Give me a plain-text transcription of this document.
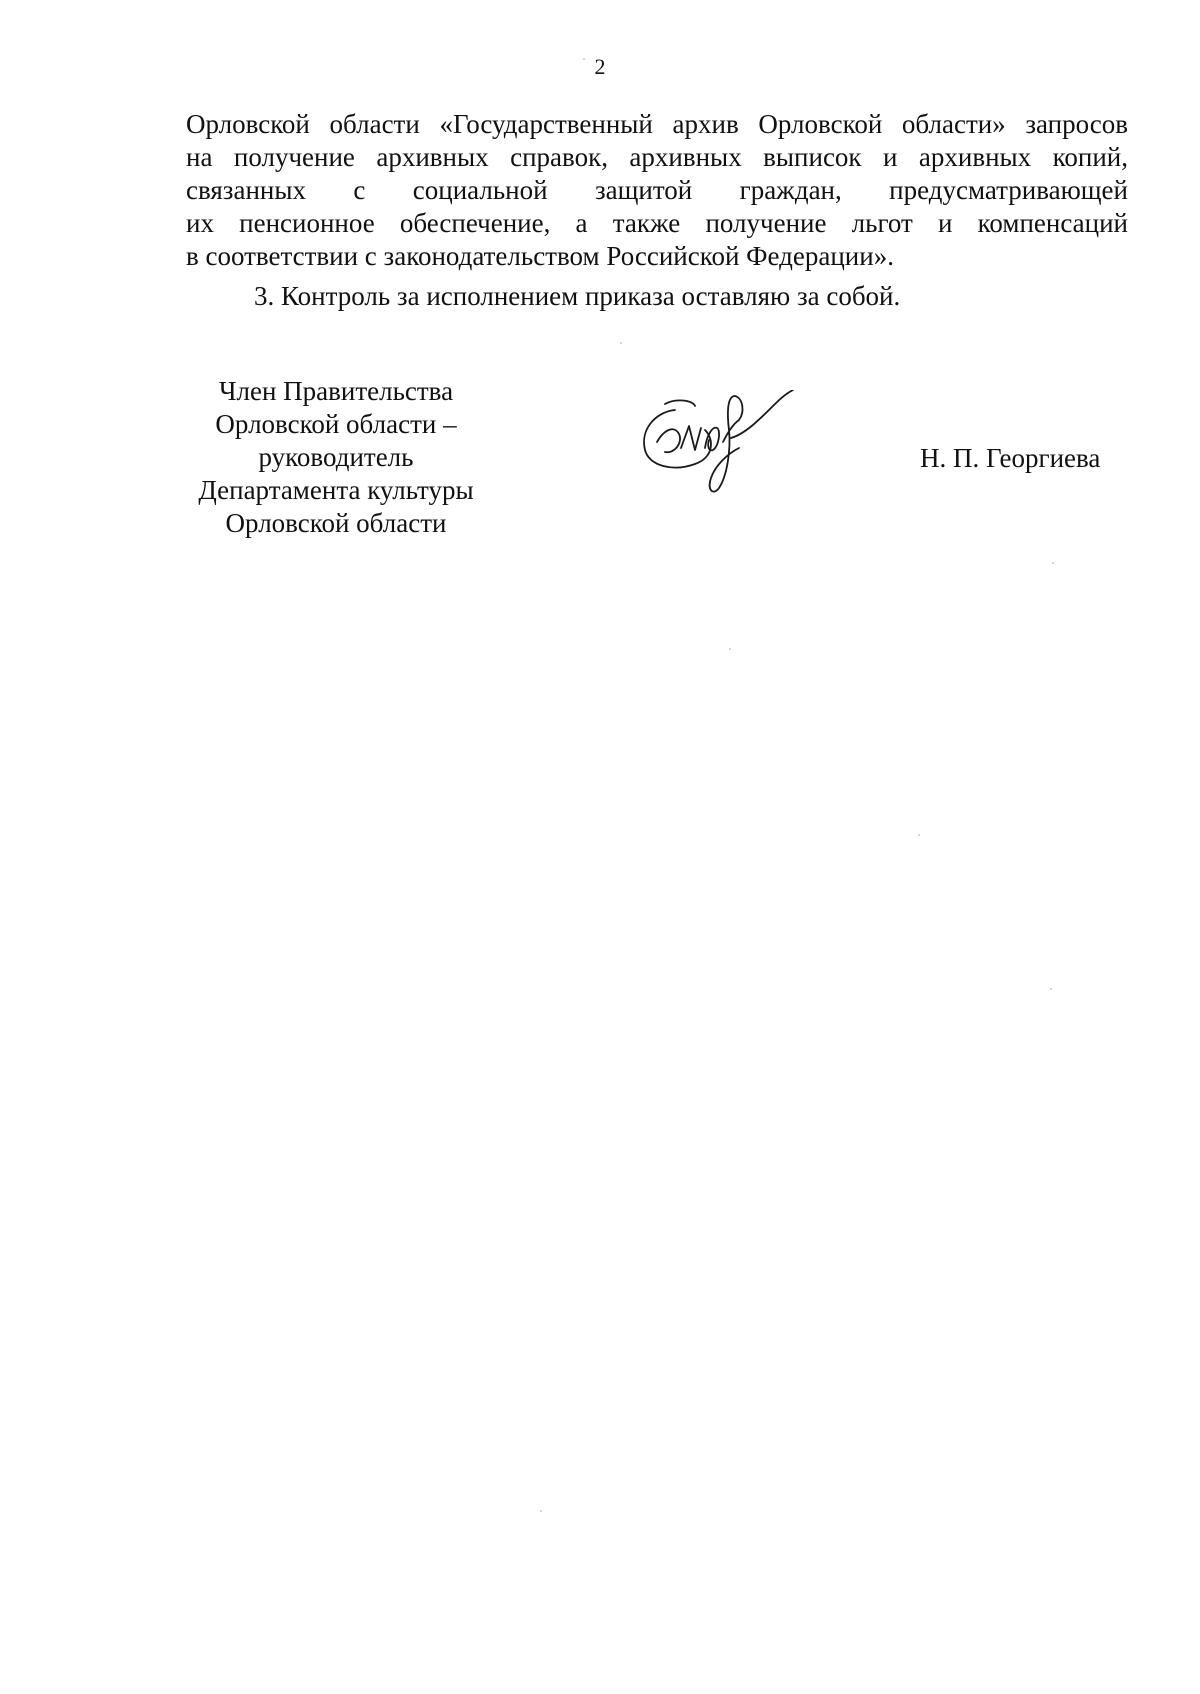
2
Орловской области «Государственный архив Орловской области» запросов
на получение архивных справок, архивных выписок и архивных копий,
связанных с социальной защитой граждан, предусматривающей
их пенсионное обеспечение, а также получение льгот и компенсаций
в соответствии с законодательством Российской Федерации».
3. Контроль за исполнением приказа оставляю за собой.
Член Правительства
Орловской области –
руководитель
Департамента культуры
Орловской области
Н. П. Георгиева
